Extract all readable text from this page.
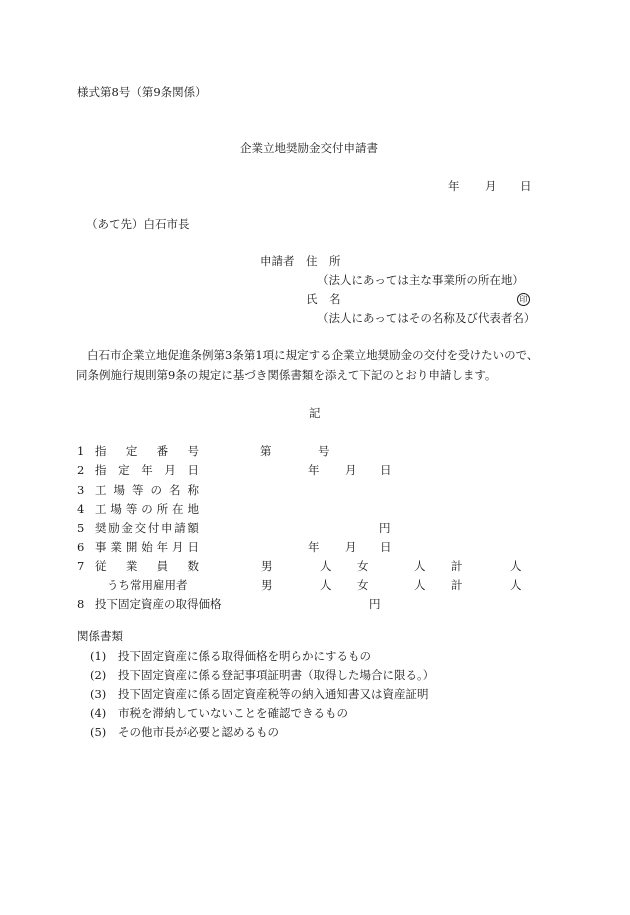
様式第8号（第9条関係）
企業立地奨励金交付申請書
年 月 日
（あて先）白石市長
申請者 住　所
（法人にあっては主な事業所の所在地）
氏　名	印
（法人にあってはその名称及び代表者名）
白石市企業立地促進条例第3条第1項に規定する企業立地奨励金の交付を受けたいので、
同条例施行規則第9条の規定に基づき関係書類を添えて下記のとおり申請します。
記
1 指 定 番 号	第	号
2 指 定 年 月 日	年 月 日
3 工 場 等 の 名 称
4 工 場 等 の 所 在 地
5 奨 励 金 交 付 申 請 額	円
6 事 業 開 始 年 月 日	年 月 日
7 従 業 員 数	男	人 女	人 計	人
うち常用雇用者	男	人 女	人 計	人
8 投下固定資産の取得価格	円
関係書類
(1) 投下固定資産に係る取得価格を明らかにするもの
(2) 投下固定資産に係る登記事項証明書（取得した場合に限る。）
(3) 投下固定資産に係る固定資産税等の納入通知書又は資産証明
(4) 市税を滞納していないことを確認できるもの
(5) その他市長が必要と認めるもの
